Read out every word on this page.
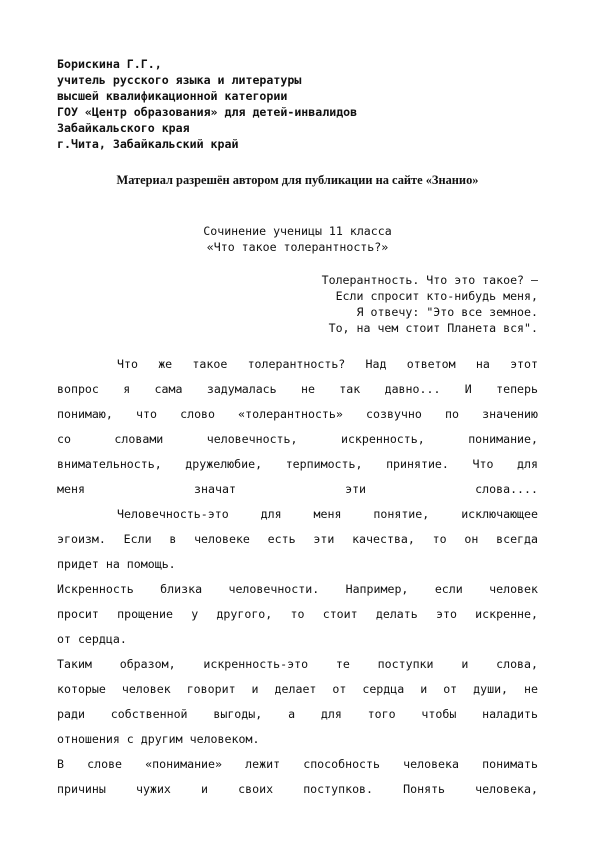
Борискина Г.Г.,
учитель русского языка и литературы
высшей квалификационной категории
ГОУ «Центр образования» для детей-инвалидов
Забайкальского края
г.Чита, Забайкальский край
Материал разрешён автором для публикации на сайте «Знанио»
Сочинение ученицы 11 класса
«Что такое толерантность?»
Толерантность. Что это такое? —
Если спросит кто-нибудь меня,
Я отвечу: "Это все земное.
То, на чем стоит Планета вся".
Что же такое толерантность? Над ответом на этот
вопрос я сама задумалась не так давно... И теперь
понимаю, что слово «толерантность» созвучно по значению
со словами человечность, искренность, понимание,
внимательность, дружелюбие, терпимость, принятие. Что для
меня значат эти слова....
Человечность-это для меня понятие, исключающее
эгоизм. Если в человеке есть эти качества, то он всегда
придет на помощь.
Искренность близка человечности. Например, если человек
просит прощение у другого, то стоит делать это искренне,
от сердца.
Таким образом, искренность-это те поступки и слова,
которые человек говорит и делает от сердца и от души, не
ради собственной выгоды, а для того чтобы наладить
отношения с другим человеком.
В слове «понимание» лежит способность человека понимать
причины чужих и своих поступков. Понять человека,
